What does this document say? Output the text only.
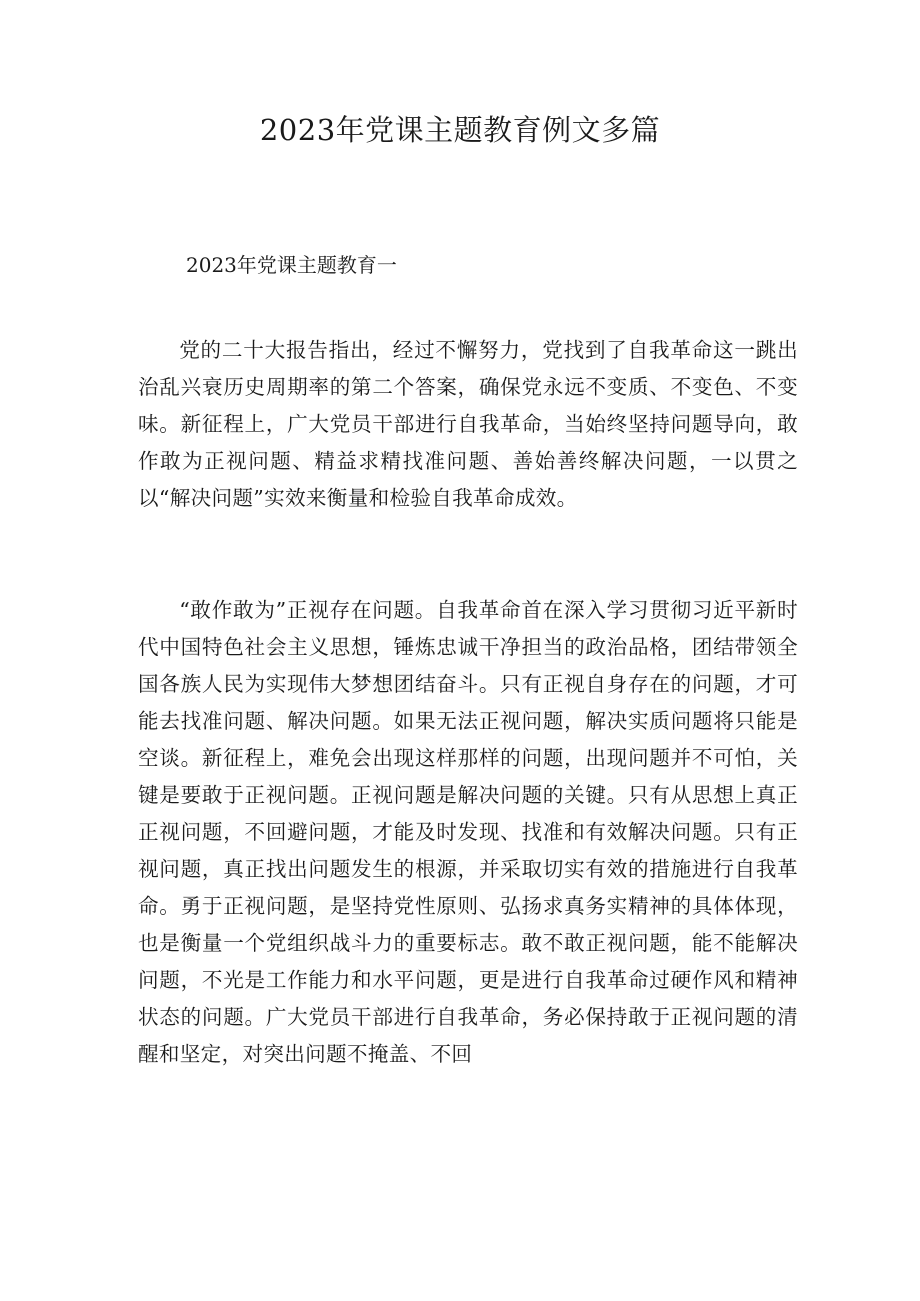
2023年党课主题教育例文多篇
2023年党课主题教育一

党的二十大报告指出，经过不懈努力，党找到了自我革命这一跳出治乱兴衰历史周期率的第二个答案，确保党永远不变质、不变色、不变味。新征程上，广大党员干部进行自我革命，当始终坚持问题导向，敢作敢为正视问题、精益求精找准问题、善始善终解决问题，一以贯之以“解决问题”实效来衡量和检验自我革命成效。

“敢作敢为”正视存在问题。自我革命首在深入学习贯彻习近平新时代中国特色社会主义思想，锤炼忠诚干净担当的政治品格，团结带领全国各族人民为实现伟大梦想团结奋斗。只有正视自身存在的问题，才可能去找准问题、解决问题。如果无法正视问题，解决实质问题将只能是空谈。新征程上，难免会出现这样那样的问题，出现问题并不可怕，关键是要敢于正视问题。正视问题是解决问题的关键。只有从思想上真正正视问题，不回避问题，才能及时发现、找准和有效解决问题。只有正视问题，真正找出问题发生的根源，并采取切实有效的措施进行自我革命。勇于正视问题，是坚持党性原则、弘扬求真务实精神的具体体现，也是衡量一个党组织战斗力的重要标志。敢不敢正视问题，能不能解决问题，不光是工作能力和水平问题，更是进行自我革命过硬作风和精神状态的问题。广大党员干部进行自我革命，务必保持敢于正视问题的清醒和坚定，对突出问题不掩盖、不回
